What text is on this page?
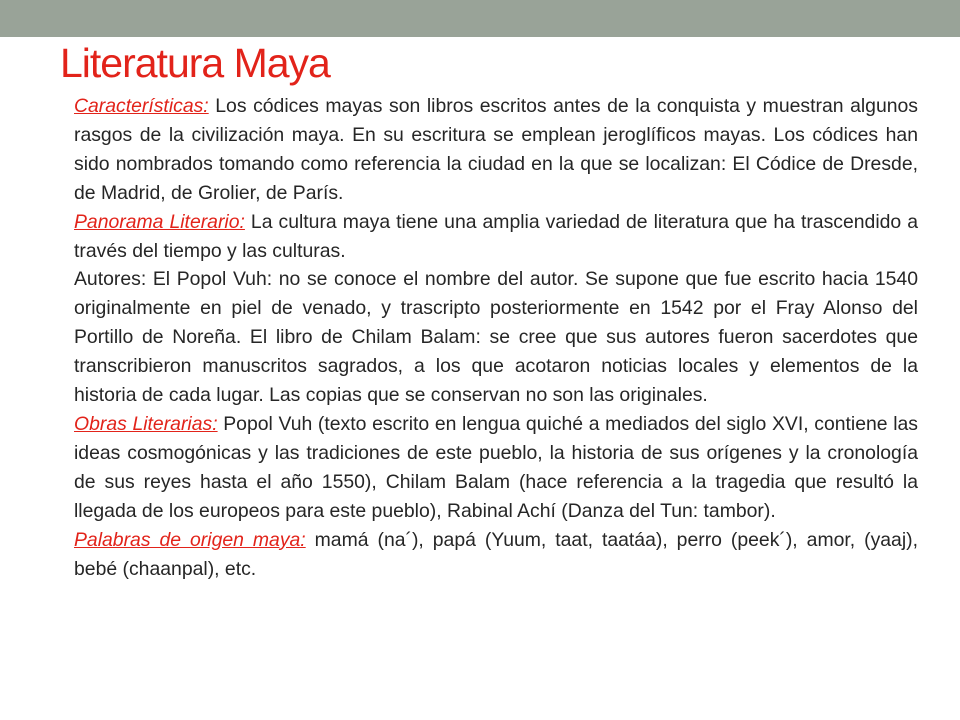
Literatura Maya

Características: Los códices mayas son libros escritos antes de la conquista y muestran algunos rasgos de la civilización maya. En su escritura se emplean jeroglíficos mayas. Los códices han sido nombrados tomando como referencia la ciudad en la que se localizan: El Códice de Dresde, de Madrid, de Grolier, de París.

Panorama Literario: La cultura maya tiene una amplia variedad de literatura que ha trascendido a través del tiempo y las culturas.

Autores: El Popol Vuh: no se conoce el nombre del autor. Se supone que fue escrito hacia 1540 originalmente en piel de venado, y trascripto posteriormente en 1542 por el Fray Alonso del Portillo de Noreña. El libro de Chilam Balam: se cree que sus autores fueron sacerdotes que transcribieron manuscritos sagrados, a los que acotaron noticias locales y elementos de la historia de cada lugar. Las copias que se conservan no son las originales.

Obras Literarias: Popol Vuh (texto escrito en lengua quiché a mediados del siglo XVI, contiene las ideas cosmogónicas y las tradiciones de este pueblo, la historia de sus orígenes y la cronología de sus reyes hasta el año 1550), Chilam Balam (hace referencia a la tragedia que resultó la llegada de los europeos para este pueblo), Rabinal Achí (Danza del Tun: tambor).

Palabras de origen maya: mamá (na´), papá (Yuum, taat, taatáa), perro (peek´), amor, (yaaj), bebé (chaanpal), etc.
